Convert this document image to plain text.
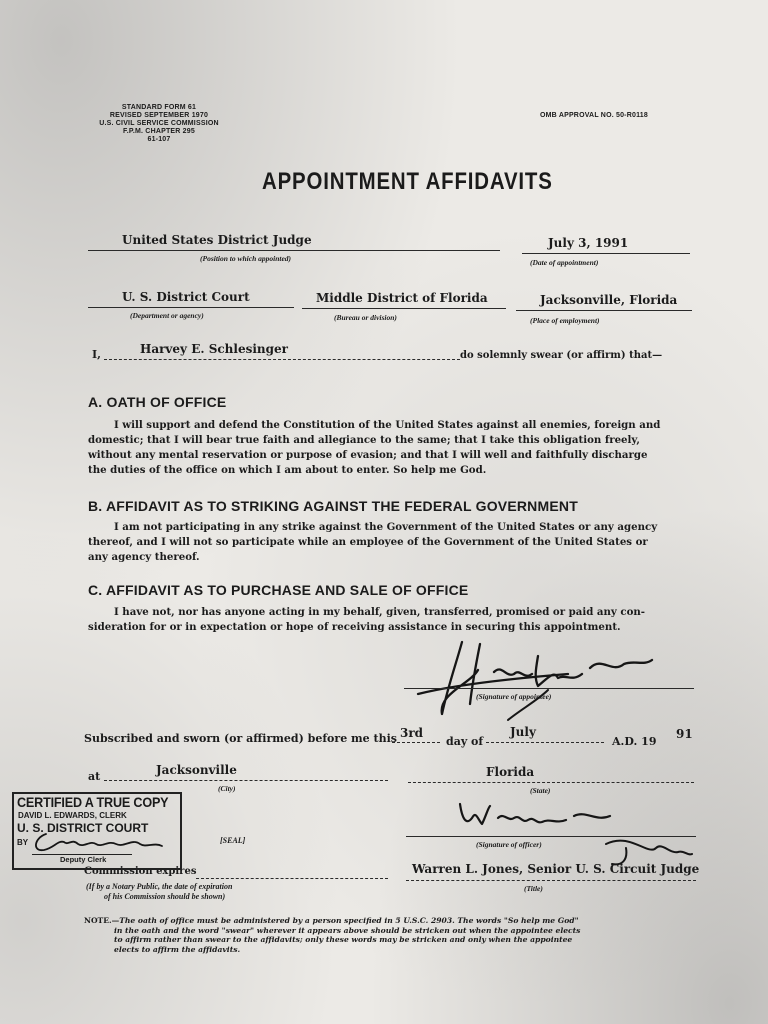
STANDARD FORM 61
REVISED SEPTEMBER 1970
U.S. CIVIL SERVICE COMMISSION
F.P.M. CHAPTER 295
61-107
OMB APPROVAL NO. 50-R0118
APPOINTMENT AFFIDAVITS
United States District Judge
(Position to which appointed)
July 3, 1991
(Date of appointment)
U. S. District Court
(Department or agency)
Middle District of Florida
(Bureau or division)
Jacksonville, Florida
(Place of employment)
I,	Harvey E. Schlesinger	do solemnly swear (or affirm) that—
A. OATH OF OFFICE
I will support and defend the Constitution of the United States against all enemies, foreign and
domestic; that I will bear true faith and allegiance to the same; that I take this obligation freely,
without any mental reservation or purpose of evasion; and that I will well and faithfully discharge
the duties of the office on which I am about to enter. So help me God.
B. AFFIDAVIT AS TO STRIKING AGAINST THE FEDERAL GOVERNMENT
I am not participating in any strike against the Government of the United States or any agency
thereof, and I will not so participate while an employee of the Government of the United States or
any agency thereof.
C. AFFIDAVIT AS TO PURCHASE AND SALE OF OFFICE
I have not, nor has anyone acting in my behalf, given, transferred, promised or paid any con-
sideration for or in expectation or hope of receiving assistance in securing this appointment.
(Signature of appointee)
Subscribed and sworn (or affirmed) before me this 3rd
day of
July
A.D. 19
91
at	Jacksonville
(City)
Florida
(State)
(Signature of officer)
Warren L. Jones, Senior U. S. Circuit Judge
(Title)
[SEAL]
Commission expires
(If by a Notary Public, the date of expiration
of his Commission should be shown)
CERTIFIED A TRUE COPY
DAVID L. EDWARDS, CLERK
U. S. DISTRICT COURT
BY
Deputy Clerk
NOTE.—The oath of office must be administered by a person specified in 5 U.S.C. 2903. The words "So help me God"
in the oath and the word "swear" wherever it appears above should be stricken out when the appointee elects
to affirm rather than swear to the affidavits; only these words may be stricken and only when the appointee
elects to affirm the affidavits.
